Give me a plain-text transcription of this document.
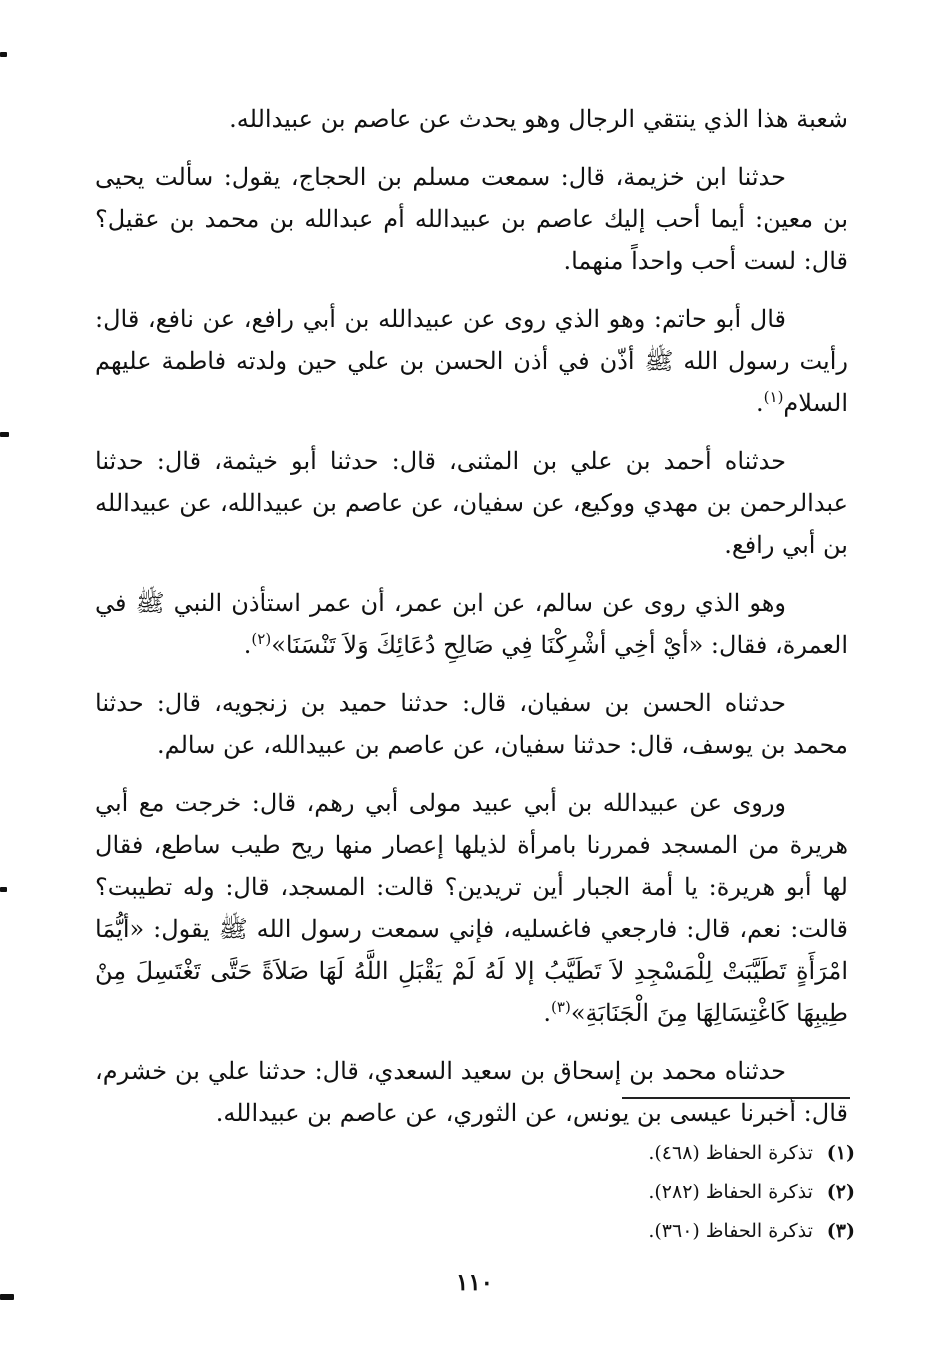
شعبة هذا الذي ينتقي الرجال وهو يحدث عن عاصم بن عبيدالله.

حدثنا ابن خزيمة، قال: سمعت مسلم بن الحجاج، يقول: سألت يحيى بن معين: أيما أحب إليك عاصم بن عبيدالله أم عبدالله بن محمد بن عقيل؟ قال: لست أحب واحداً منهما.

قال أبو حاتم: وهو الذي روى عن عبيدالله بن أبي رافع، عن نافع، قال: رأيت رسول الله ﷺ أذّن في أذن الحسن بن علي حين ولدته فاطمة عليهم السلام$^{(١)}$.

حدثناه أحمد بن علي بن المثنى، قال: حدثنا أبو خيثمة، قال: حدثنا عبدالرحمن بن مهدي ووكيع، عن سفيان، عن عاصم بن عبيدالله، عن عبيدالله بن أبي رافع.

وهو الذي روى عن سالم، عن ابن عمر، أن عمر استأذن النبي ﷺ في العمرة، فقال: «أيْ أخِي أشْرِكْنَا فِي صَالِحِ دُعَائِكَ وَلاَ تَنْسَنَا»$^{(٢)}$.

حدثناه الحسن بن سفيان، قال: حدثنا حميد بن زنجويه، قال: حدثنا محمد بن يوسف، قال: حدثنا سفيان، عن عاصم بن عبيدالله، عن سالم.

وروى عن عبيدالله بن أبي عبيد مولى أبي رهم، قال: خرجت مع أبي هريرة من المسجد فمررنا بامرأة لذيلها إعصار منها ريح طيب ساطع، فقال لها أبو هريرة: يا أمة الجبار أين تريدين؟ قالت: المسجد، قال: وله تطيبت؟ قالت: نعم، قال: فارجعي فاغسليه، فإني سمعت رسول الله ﷺ يقول: «أيُّمَا امْرَأَةٍ تَطَيَّبَتْ لِلْمَسْجِدِ لاَ تَطَيَّبُ إلا لَهُ لَمْ يَقْبَلِ اللَّهُ لَهَا صَلاَةً حَتَّى تَغْتَسِلَ مِنْ طِيبِهَا كَاغْتِسَالِهَا مِنَ الْجَنَابَةِ»$^{(٣)}$.

حدثناه محمد بن إسحاق بن سعيد السعدي، قال: حدثنا علي بن خشرم، قال: أخبرنا عيسى بن يونس، عن الثوري، عن عاصم بن عبيدالله.

(١) تذكرة الحفاظ (٤٦٨).
(٢) تذكرة الحفاظ (٢٨٢).
(٣) تذكرة الحفاظ (٣٦٠).
١١٠
